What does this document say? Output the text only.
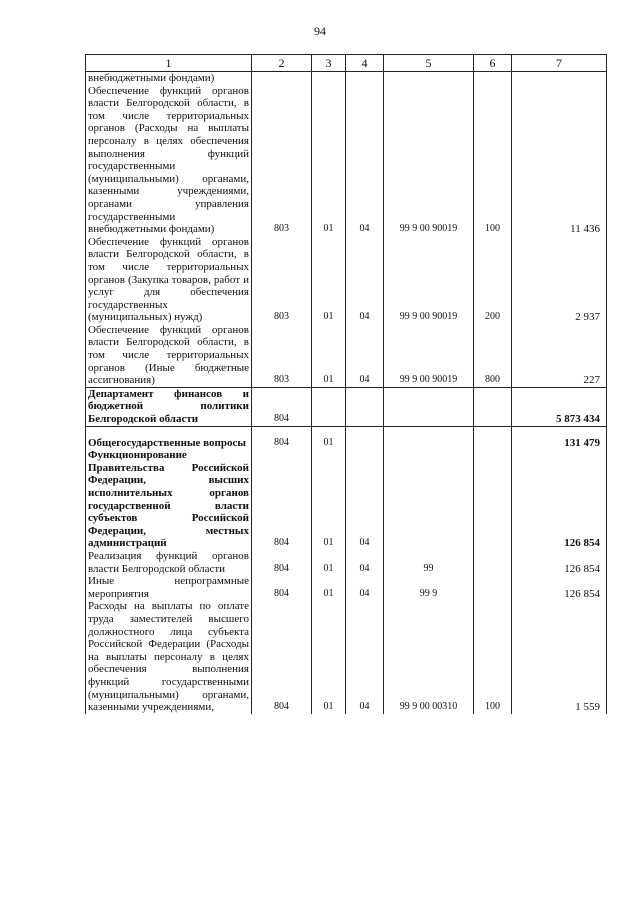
94
1	2	3	4	5	6	7
внебюджетными фондами)						
Обеспечение функций органов власти Белгородской области, в том числе территориальных органов (Расходы на выплаты персоналу в целях обеспечения выполнения функций государственными (муниципальными) органами, казенными учреждениями, органами управления государственными внебюджетными фондами)	803	01	04	99 9 00 90019	100	11 436
Обеспечение функций органов власти Белгородской области, в том числе территориальных органов (Закупка товаров, работ и услуг для обеспечения государственных (муниципальных) нужд)	803	01	04	99 9 00 90019	200	2 937
Обеспечение функций органов власти Белгородской области, в том числе территориальных органов (Иные бюджетные ассигнования)	803	01	04	99 9 00 90019	800	227
Департамент финансов и бюджетной политики Белгородской области	804					5 873 434

Общегосударственные вопросы	804	01				131 479
Функционирование Правительства Российской Федерации, высших исполнительных органов государственной власти субъектов Российской Федерации, местных администраций	804	01	04			126 854
Реализация функций органов власти Белгородской области	804	01	04	99		126 854
Иные непрограммные мероприятия	804	01	04	99 9		126 854
Расходы на выплаты по оплате труда заместителей высшего должностного лица субъекта Российской Федерации (Расходы на выплаты персоналу в целях обеспечения выполнения функций государственными (муниципальными) органами, казенными учреждениями,	804	01	04	99 9 00 00310	100	1 559
